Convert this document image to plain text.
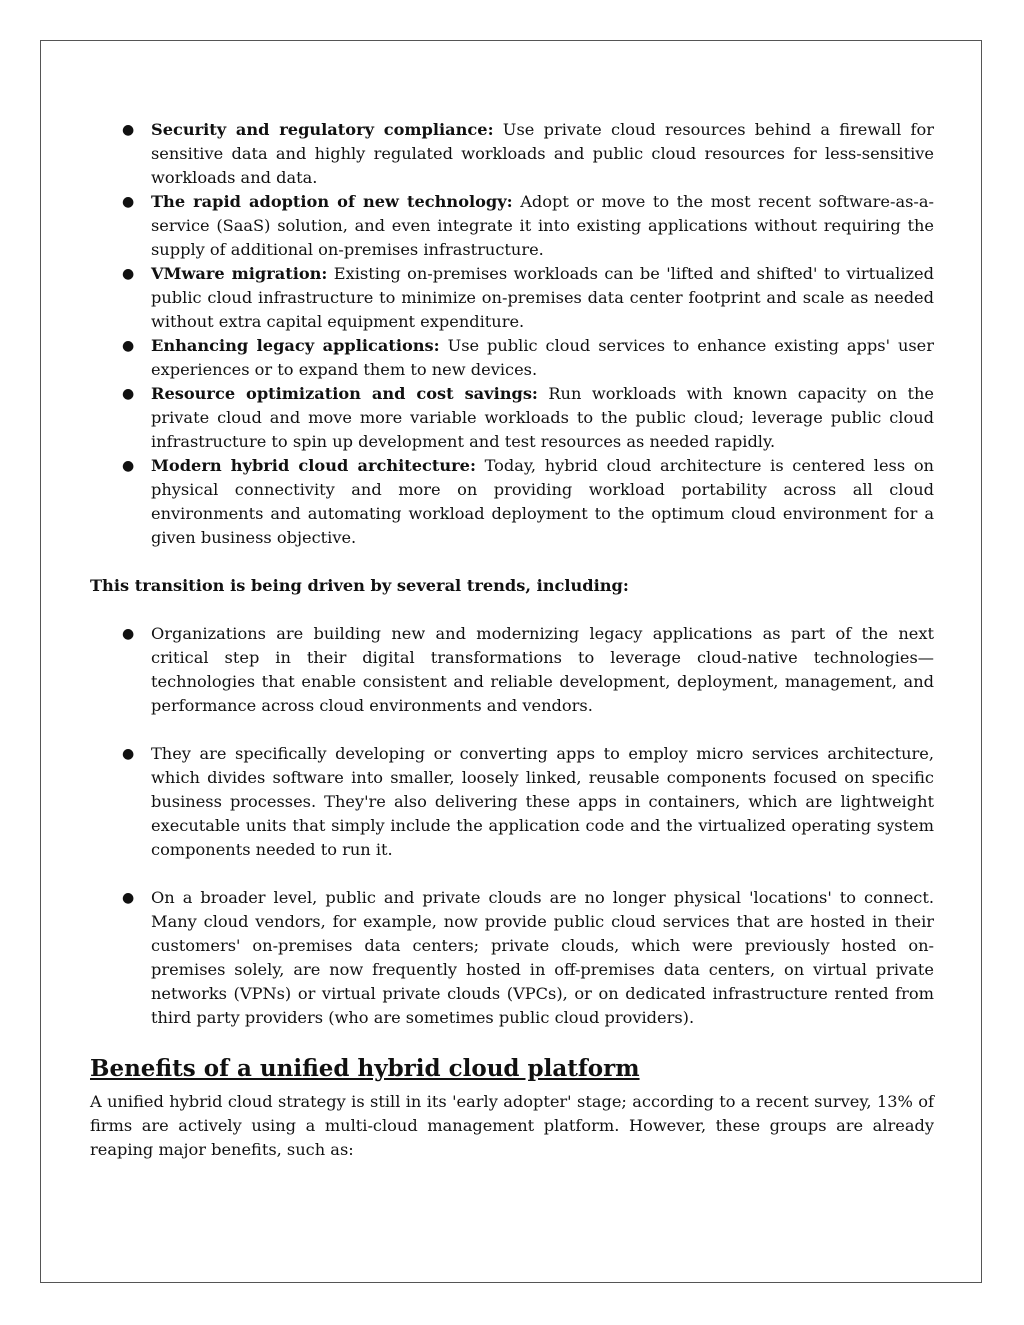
● Security and regulatory compliance: Use private cloud resources behind a firewall for sensitive data and highly regulated workloads and public cloud resources for less-sensitive workloads and data.
● The rapid adoption of new technology: Adopt or move to the most recent software-as-a-service (SaaS) solution, and even integrate it into existing applications without requiring the supply of additional on-premises infrastructure.
● VMware migration: Existing on-premises workloads can be 'lifted and shifted' to virtualized public cloud infrastructure to minimize on-premises data center footprint and scale as needed without extra capital equipment expenditure.
● Enhancing legacy applications: Use public cloud services to enhance existing apps' user experiences or to expand them to new devices.
● Resource optimization and cost savings: Run workloads with known capacity on the private cloud and move more variable workloads to the public cloud; leverage public cloud infrastructure to spin up development and test resources as needed rapidly.
● Modern hybrid cloud architecture: Today, hybrid cloud architecture is centered less on physical connectivity and more on providing workload portability across all cloud environments and automating workload deployment to the optimum cloud environment for a given business objective.
This transition is being driven by several trends, including:
● Organizations are building new and modernizing legacy applications as part of the next critical step in their digital transformations to leverage cloud-native technologies—technologies that enable consistent and reliable development, deployment, management, and performance across cloud environments and vendors.
● They are specifically developing or converting apps to employ micro services architecture, which divides software into smaller, loosely linked, reusable components focused on specific business processes. They're also delivering these apps in containers, which are lightweight executable units that simply include the application code and the virtualized operating system components needed to run it.
● On a broader level, public and private clouds are no longer physical 'locations' to connect. Many cloud vendors, for example, now provide public cloud services that are hosted in their customers' on-premises data centers; private clouds, which were previously hosted on-premises solely, are now frequently hosted in off-premises data centers, on virtual private networks (VPNs) or virtual private clouds (VPCs), or on dedicated infrastructure rented from third party providers (who are sometimes public cloud providers).
Benefits of a unified hybrid cloud platform

A unified hybrid cloud strategy is still in its 'early adopter' stage; according to a recent survey, 13% of firms are actively using a multi-cloud management platform. However, these groups are already reaping major benefits, such as:
